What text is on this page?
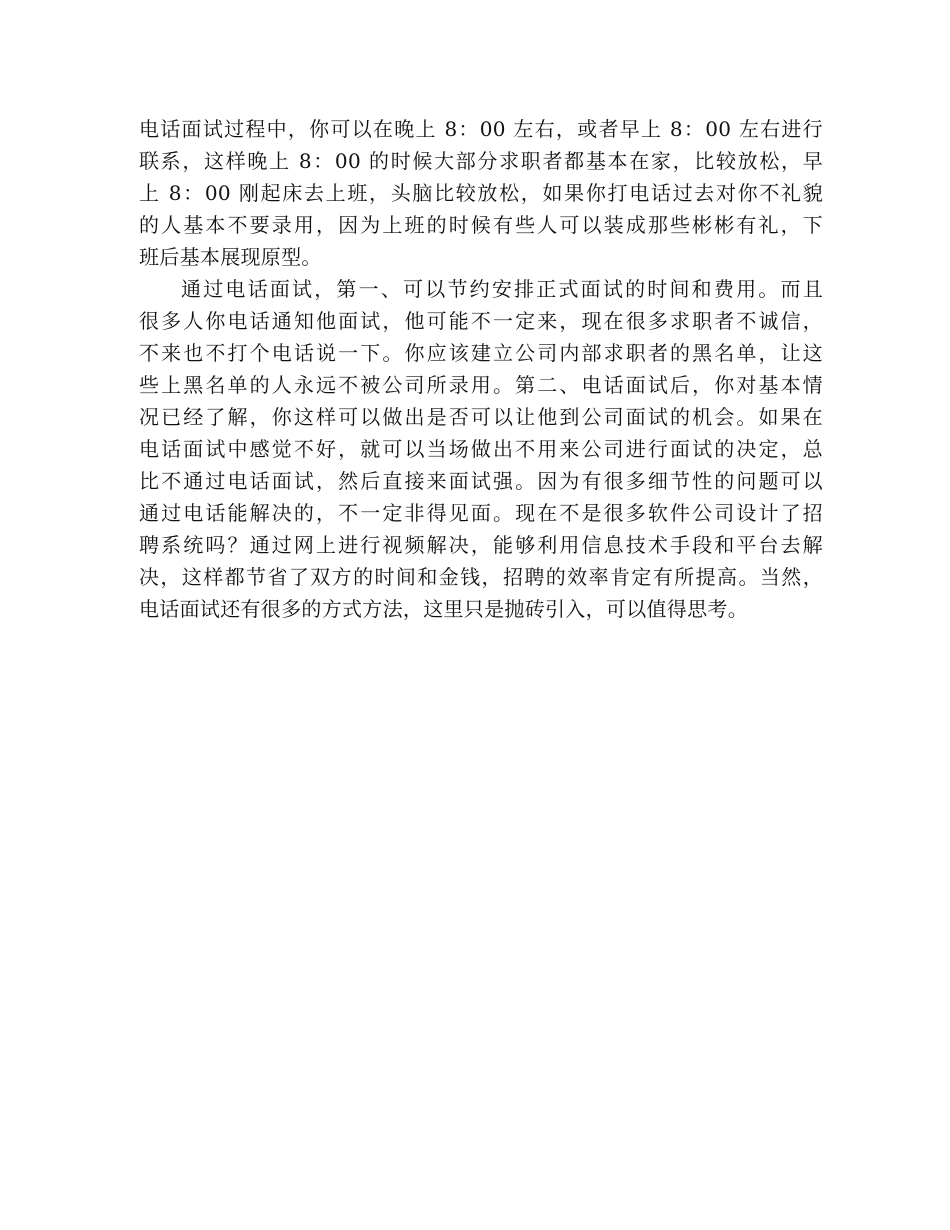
电话面试过程中，你可以在晚上 8：00 左右，或者早上 8：00 左右进行
联系，这样晚上 8：00 的时候大部分求职者都基本在家，比较放松，早
上 8：00 刚起床去上班，头脑比较放松，如果你打电话过去对你不礼貌
的人基本不要录用，因为上班的时候有些人可以装成那些彬彬有礼，下
班后基本展现原型。

通过电话面试，第一、可以节约安排正式面试的时间和费用。而且
很多人你电话通知他面试，他可能不一定来，现在很多求职者不诚信，
不来也不打个电话说一下。你应该建立公司内部求职者的黑名单，让这
些上黑名单的人永远不被公司所录用。第二、电话面试后，你对基本情
况已经了解，你这样可以做出是否可以让他到公司面试的机会。如果在
电话面试中感觉不好，就可以当场做出不用来公司进行面试的决定，总
比不通过电话面试，然后直接来面试强。因为有很多细节性的问题可以
通过电话能解决的，不一定非得见面。现在不是很多软件公司设计了招
聘系统吗？通过网上进行视频解决，能够利用信息技术手段和平台去解
决，这样都节省了双方的时间和金钱，招聘的效率肯定有所提高。当然，
电话面试还有很多的方式方法，这里只是抛砖引入，可以值得思考。
